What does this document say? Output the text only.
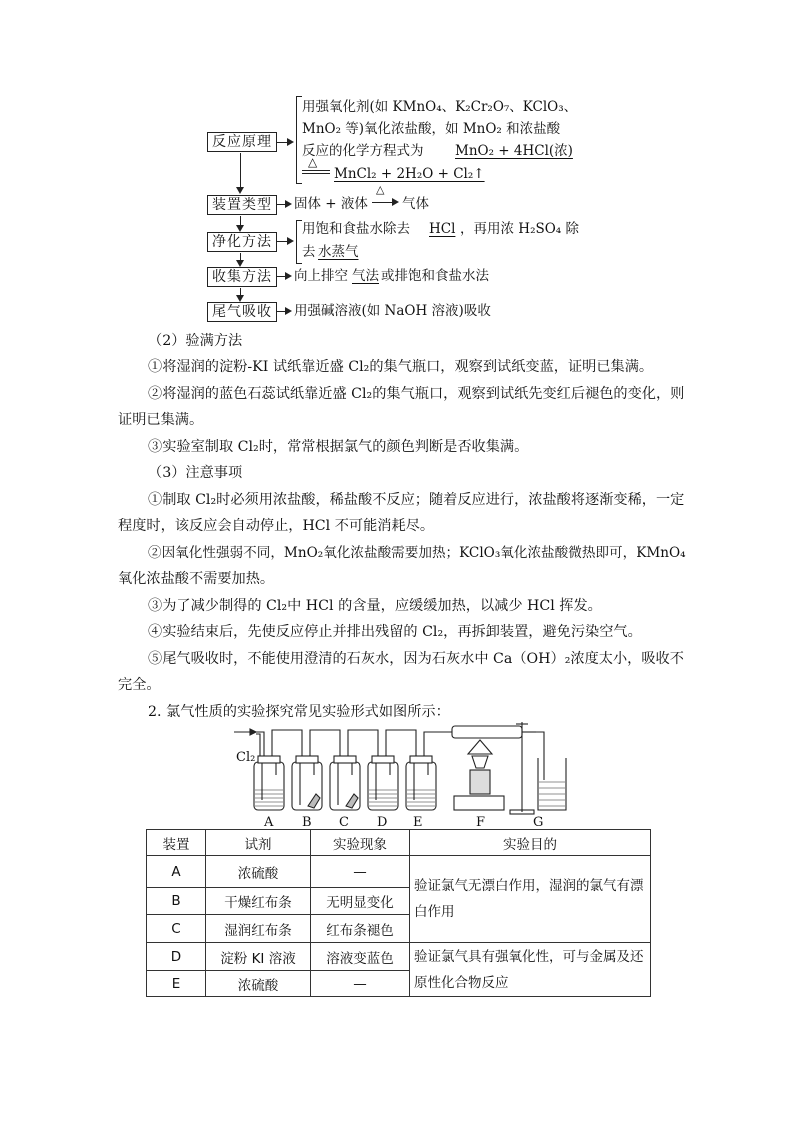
反应原理
装置类型
净化方法
收集方法
尾气吸收
用强氧化剂(如 KMnO₄、K₂Cr₂O₇、KClO₃、
MnO₂ 等)氧化浓盐酸，如 MnO₂ 和浓盐酸
反应的化学方程式为 MnO₂ + 4HCl(浓)
△
MnCl₂ + 2H₂O + Cl₂↑
固体 + 液体
△
气体
用饱和食盐水除去 HCl ，再用浓 H₂SO₄ 除
去 水蒸气
向上排空 气法 或排饱和食盐水法
用强碱溶液(如 NaOH 溶液)吸收
（2）验满方法
①将湿润的淀粉-KI 试纸靠近盛 Cl₂的集气瓶口，观察到试纸变蓝，证明已集满。
②将湿润的蓝色石蕊试纸靠近盛 Cl₂的集气瓶口，观察到试纸先变红后褪色的变化，则
证明已集满。
③实验室制取 Cl₂时，常常根据氯气的颜色判断是否收集满。
（3）注意事项
①制取 Cl₂时必须用浓盐酸，稀盐酸不反应；随着反应进行，浓盐酸将逐渐变稀，一定
程度时，该反应会自动停止，HCl 不可能消耗尽。
②因氧化性强弱不同，MnO₂氧化浓盐酸需要加热；KClO₃氧化浓盐酸微热即可，KMnO₄
氧化浓盐酸不需要加热。
③为了减少制得的 Cl₂中 HCl 的含量，应缓缓加热，以减少 HCl 挥发。
④实验结束后，先使反应停止并排出残留的 Cl₂，再拆卸装置，避免污染空气。
⑤尾气吸收时，不能使用澄清的石灰水，因为石灰水中 Ca（OH）₂浓度太小，吸收不
完全。
2. 氯气性质的实验探究常见实验形式如图所示：
Cl₂
A B C D E	F	G
装置	试剂	实验现象	实验目的
A	浓硫酸	—	验证氯气无漂白作用，湿润的氯气有漂白作用
B	干燥红布条	无明显变化	
C	湿润红布条	红布条褪色	
D	淀粉 KI 溶液	溶液变蓝色	验证氯气具有强氧化性，可与金属及还原性化合物反应
E	浓硫酸	—	
